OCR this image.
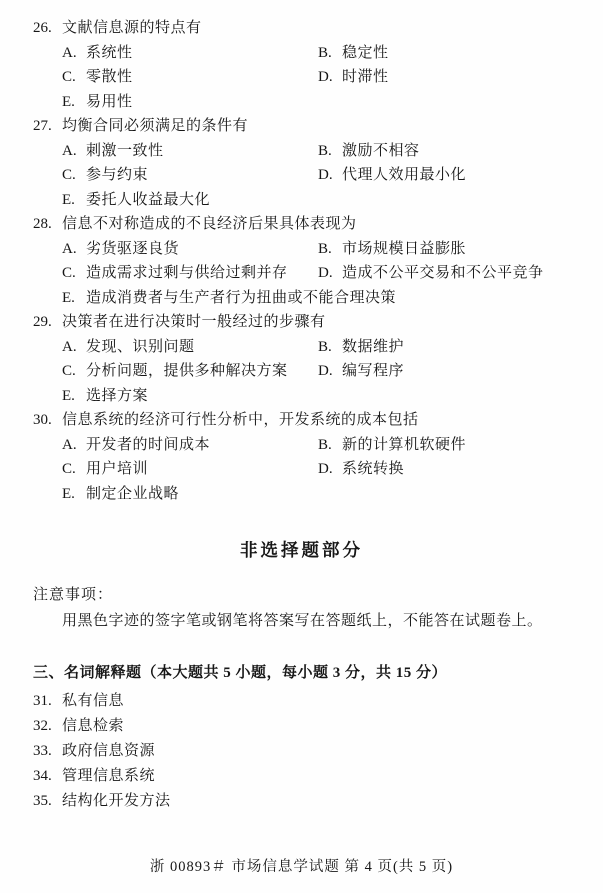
26. 文献信息源的特点有
A. 系统性	B. 稳定性
C. 零散性	D. 时滞性
E. 易用性
27. 均衡合同必须满足的条件有
A. 刺激一致性	B. 激励不相容
C. 参与约束	D. 代理人效用最小化
E. 委托人收益最大化
28. 信息不对称造成的不良经济后果具体表现为
A. 劣货驱逐良货	B. 市场规模日益膨胀
C. 造成需求过剩与供给过剩并存 D. 造成不公平交易和不公平竞争
E. 造成消费者与生产者行为扭曲或不能合理决策
29. 决策者在进行决策时一般经过的步骤有
A. 发现、识别问题	B. 数据维护
C. 分析问题，提供多种解决方案 D. 编写程序
E. 选择方案
30. 信息系统的经济可行性分析中，开发系统的成本包括
A. 开发者的时间成本	B. 新的计算机软硬件
C. 用户培训	D. 系统转换
E. 制定企业战略
非选择题部分
注意事项：
用黑色字迹的签字笔或钢笔将答案写在答题纸上，不能答在试题卷上。
三、名词解释题（本大题共 5 小题，每小题 3 分，共 15 分）
31. 私有信息
32. 信息检索
33. 政府信息资源
34. 管理信息系统
35. 结构化开发方法
浙 00893＃ 市场信息学试题 第 4 页(共 5 页)
